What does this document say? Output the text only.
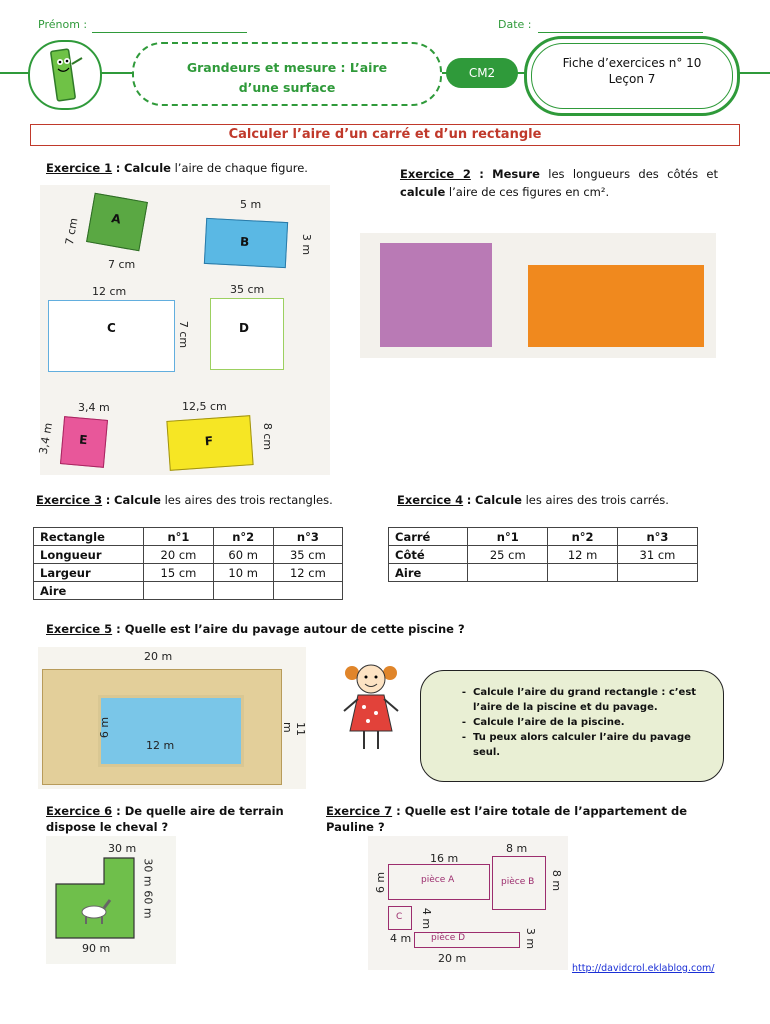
Prénom :	Date :
Grandeurs et mesure : L’aire d’une surface
CM2
Fiche d’exercices n° 10
Leçon 7
Calculer l’aire d’un carré et d’un rectangle
Exercice 1 : Calcule l’aire de chaque figure.
A
7 cm
7 cm
B
5 m
3 m
C
12 cm
7 cm	D
35 cm
E
3,4 m
3,4 m	F
12,5 cm
8 cm
Exercice 2 : Mesure les longueurs des côtés et calcule l’aire de ces figures en cm².
Exercice 3 : Calcule les aires des trois rectangles.
Rectangle	n°1	n°2	n°3
Longueur	20 cm	60 m	35 cm
Largeur	15 cm	10 m	12 cm
Aire			
Exercice 4 : Calcule les aires des trois carrés.
Carré	n°1	n°2	n°3
Côté	25 cm	12 m	31 cm
Aire			
Exercice 5 : Quelle est l’aire du pavage autour de cette piscine ?
20 m
11 m
12 m
6 m
- Calcule l’aire du grand rectangle : c’est l’aire de la piscine et du pavage.
- Calcule l’aire de la piscine.
- Tu peux alors calculer l’aire du pavage seul.
Exercice 6 : De quelle aire de terrain dispose le cheval ?
30 m
30 m
60 m
90 m
Exercice 7 : Quelle est l’aire totale de l’appartement de Pauline ?
pièce A	pièce B
C
pièce D
16 m
6 m
8 m
8 m
4 m
4 m	3 m
20 m
http://davidcrol.eklablog.com/
